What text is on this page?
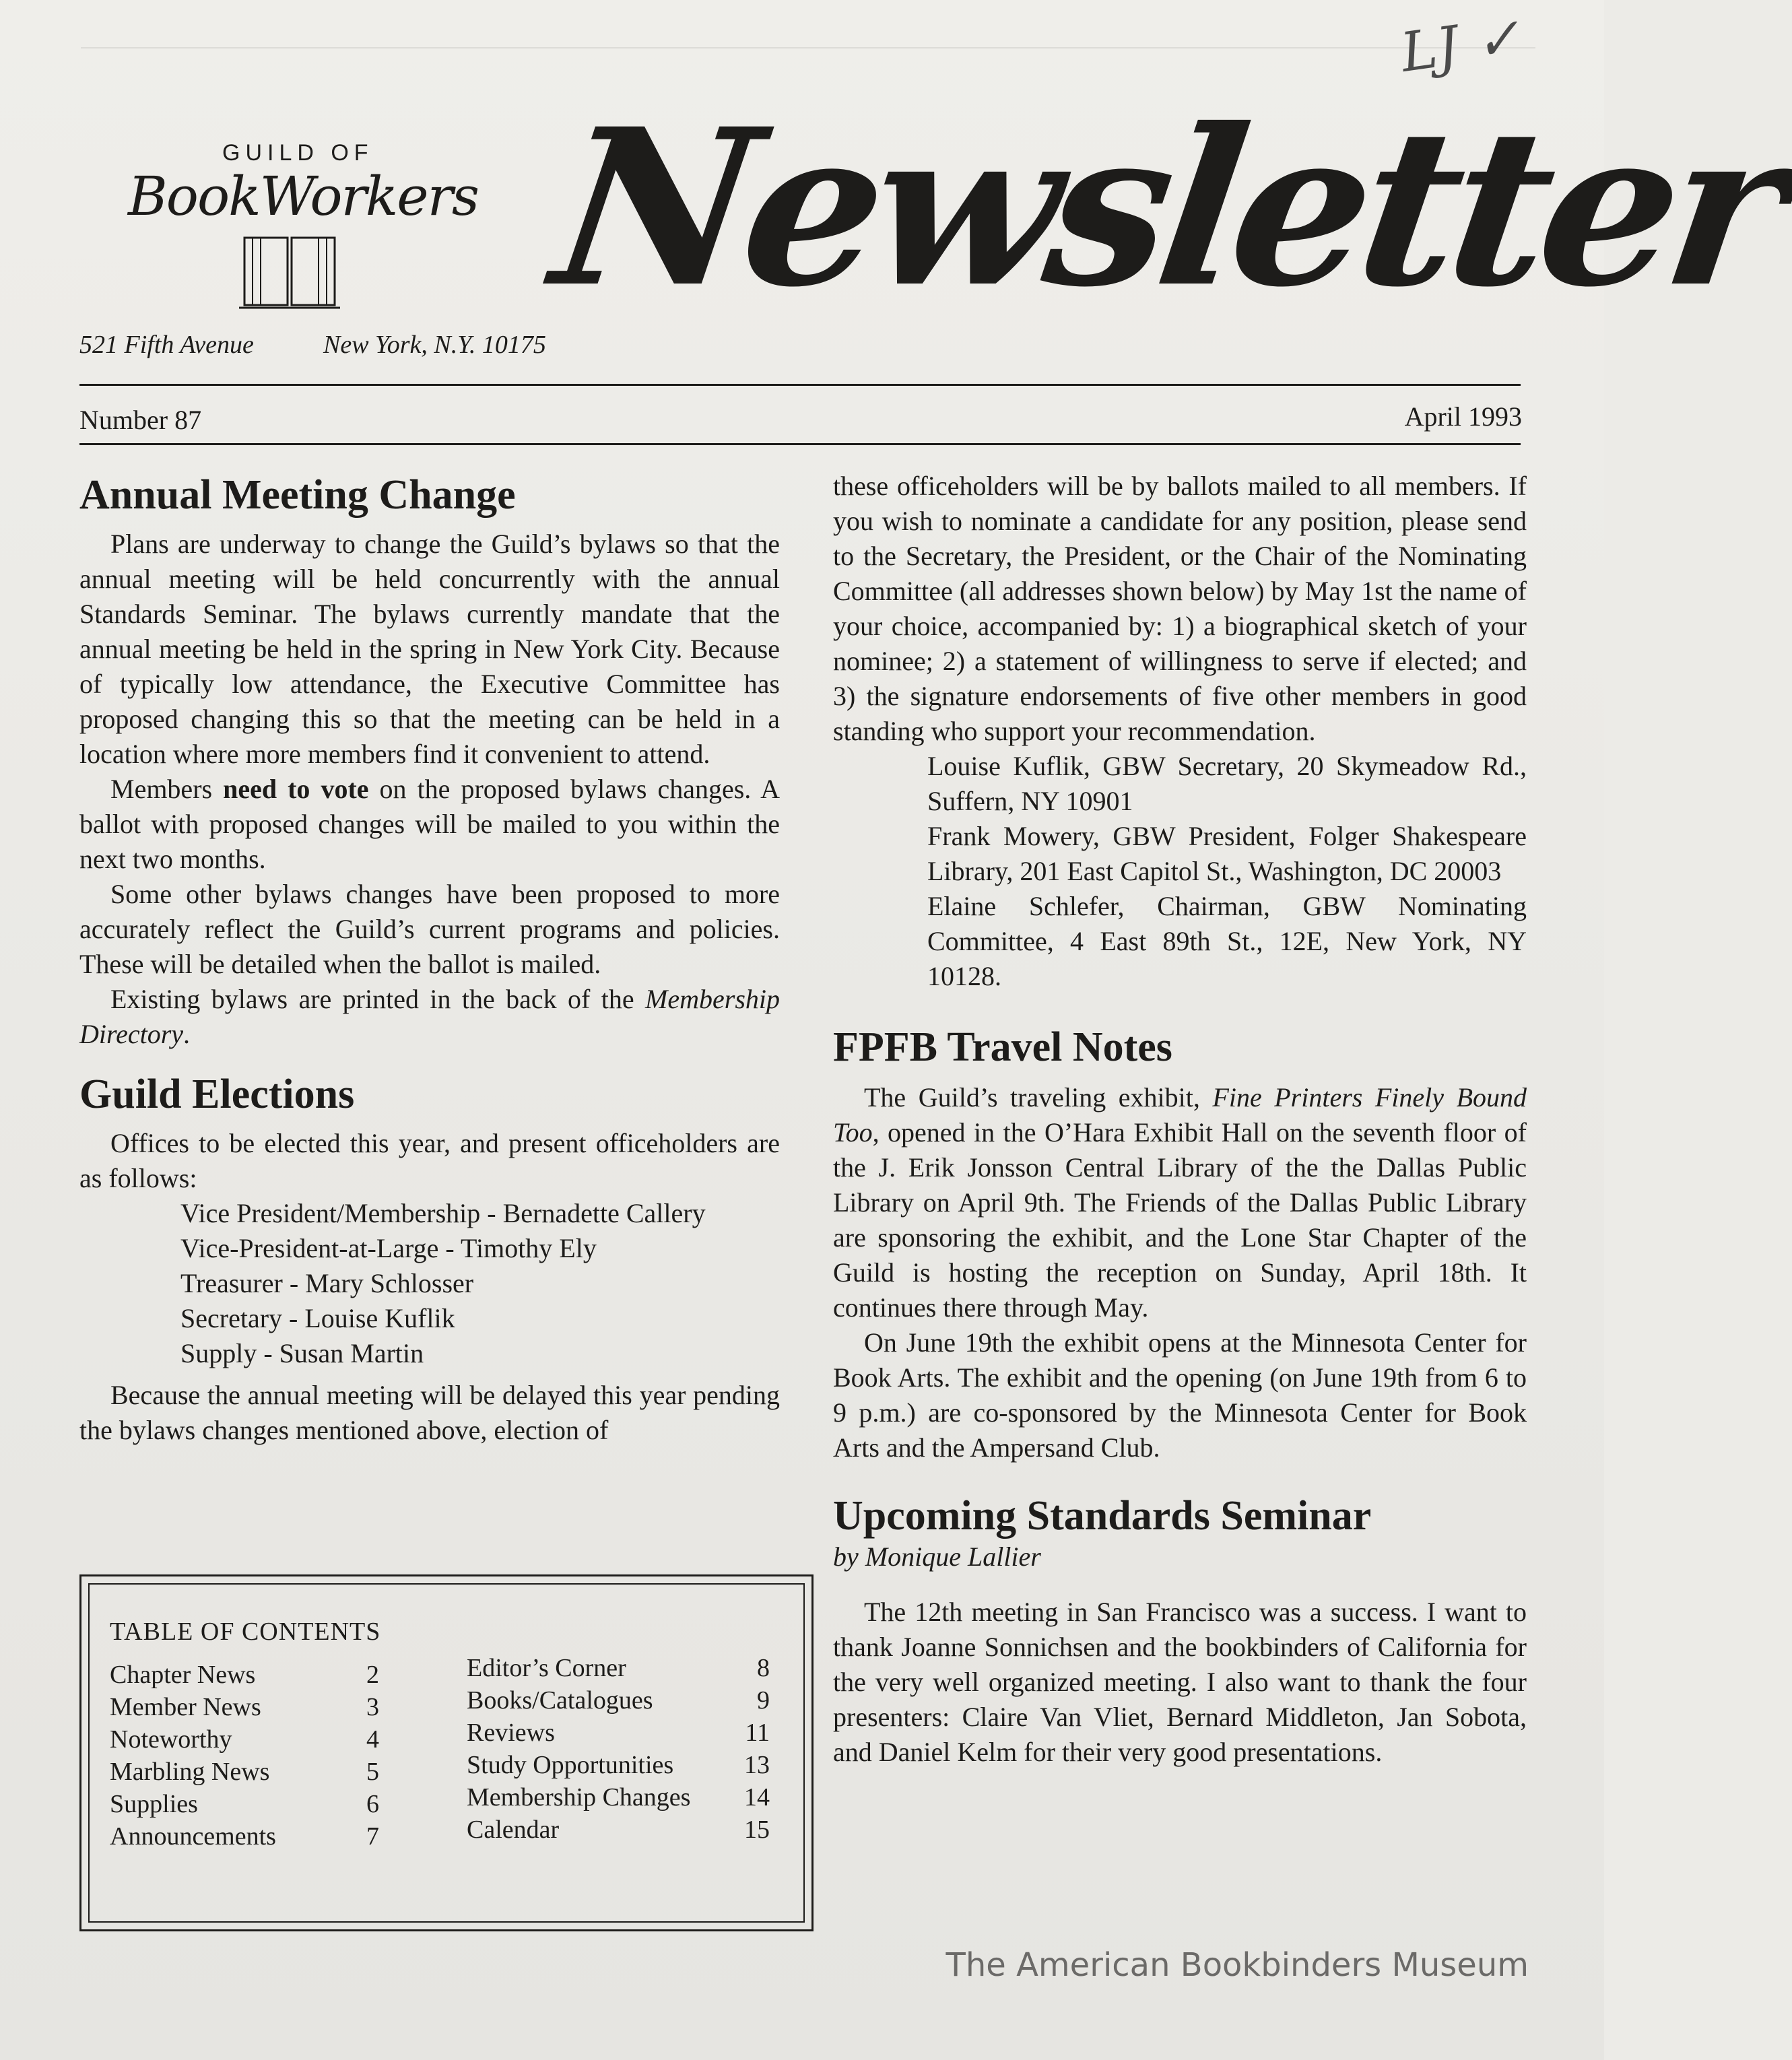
LJ ✓
GUILD OF
BookWorkers Newsletter
521 Fifth Avenue	New York, N.Y. 10175
Number 87	April 1993
Annual Meeting Change

Plans are underway to change the Guild’s bylaws so that the annual meeting will be held concurrently with the annual Standards Seminar. The bylaws currently mandate that the annual meeting be held in the spring in New York City. Because of typically low attendance, the Executive Committee has proposed changing this so that the meeting can be held in a location where more members find it convenient to attend.

Members need to vote on the proposed bylaws changes. A ballot with proposed changes will be mailed to you within the next two months.

Some other bylaws changes have been proposed to more accurately reflect the Guild’s current programs and policies. These will be detailed when the ballot is mailed.

Existing bylaws are printed in the back of the Membership Directory.

Guild Elections

Offices to be elected this year, and present officeholders are as follows:

Vice President/Membership - Bernadette Callery
Vice-President-at-Large - Timothy Ely
Treasurer - Mary Schlosser
Secretary - Louise Kuflik
Supply - Susan Martin

Because the annual meeting will be delayed this year pending the bylaws changes mentioned above, election of

TABLE OF CONTENTS
Chapter News	2
Member News	3
Noteworthy	4
Marbling News	5
Supplies	6
Announcements	7
Editor’s Corner	8
Books/Catalogues	9
Reviews	11
Study Opportunities	13
Membership Changes	14
Calendar	15

these officeholders will be by ballots mailed to all members. If you wish to nominate a candidate for any position, please send to the Secretary, the President, or the Chair of the Nominating Committee (all addresses shown below) by May 1st the name of your choice, accompanied by: 1) a biographical sketch of your nominee; 2) a statement of willingness to serve if elected; and 3) the signature endorsements of five other members in good standing who support your recommendation.

Louise Kuflik, GBW Secretary, 20 Skymeadow Rd., Suffern, NY 10901

Frank Mowery, GBW President, Folger Shakespeare Library, 201 East Capitol St., Washington, DC 20003

Elaine Schlefer, Chairman, GBW Nominating Committee, 4 East 89th St., 12E, New York, NY 10128.

FPFB Travel Notes

The Guild’s traveling exhibit, Fine Printers Finely Bound Too, opened in the O’Hara Exhibit Hall on the seventh floor of the J. Erik Jonsson Central Library of the the Dallas Public Library on April 9th. The Friends of the Dallas Public Library are sponsoring the exhibit, and the Lone Star Chapter of the Guild is hosting the reception on Sunday, April 18th. It continues there through May.

On June 19th the exhibit opens at the Minnesota Center for Book Arts. The exhibit and the opening (on June 19th from 6 to 9 p.m.) are co-sponsored by the Minnesota Center for Book Arts and the Ampersand Club.

Upcoming Standards Seminar
by Monique Lallier

The 12th meeting in San Francisco was a success. I want to thank Joanne Sonnichsen and the bookbinders of California for the very well organized meeting. I also want to thank the four presenters: Claire Van Vliet, Bernard Middleton, Jan Sobota, and Daniel Kelm for their very good presentations.

The American Bookbinders Museum
